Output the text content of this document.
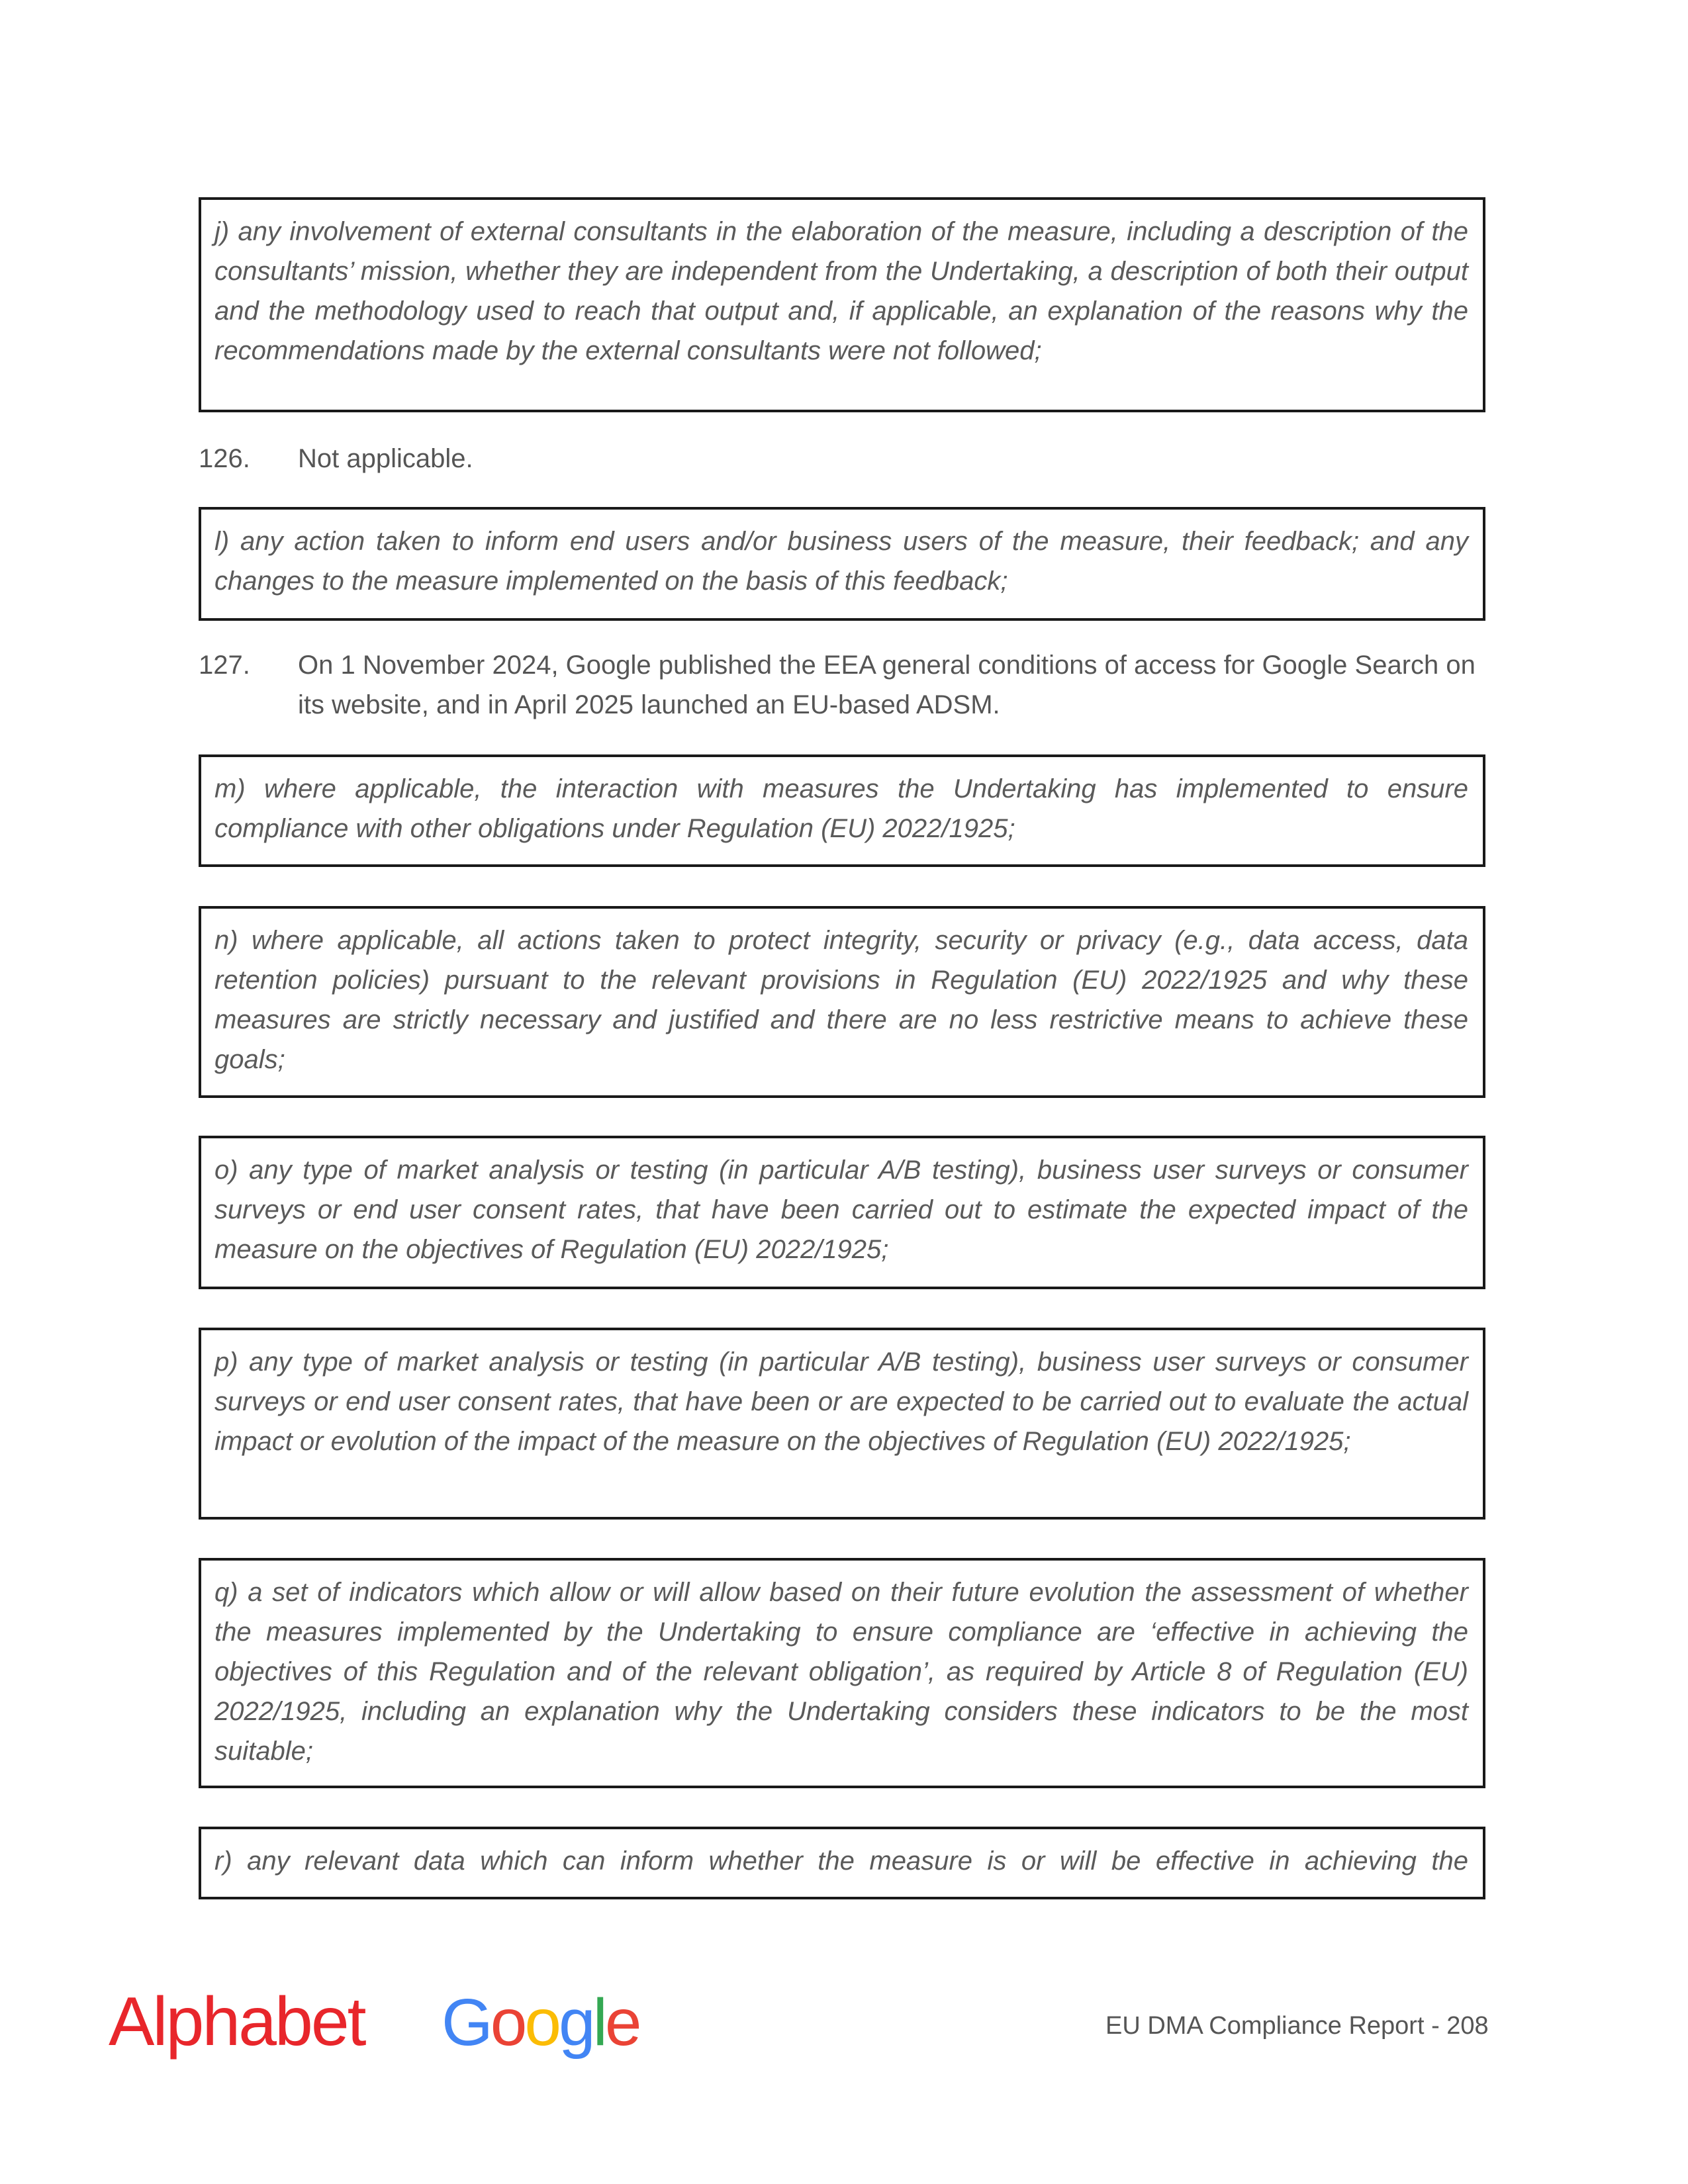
j) any involvement of external consultants in the elaboration of the measure, including a description of the consultants’ mission, whether they are independent from the Undertaking, a description of both their output and the methodology used to reach that output and, if applicable, an explanation of the reasons why the recommendations made by the external consultants were not followed;

126. Not applicable.

l) any action taken to inform end users and/or business users of the measure, their feedback; and any changes to the measure implemented on the basis of this feedback;

127. On 1 November 2024, Google published the EEA general conditions of access for Google Search on its website, and in April 2025 launched an EU-based ADSM.

m) where applicable, the interaction with measures the Undertaking has implemented to ensure compliance with other obligations under Regulation (EU) 2022/1925;

n) where applicable, all actions taken to protect integrity, security or privacy (e.g., data access, data retention policies) pursuant to the relevant provisions in Regulation (EU) 2022/1925 and why these measures are strictly necessary and justified and there are no less restrictive means to achieve these goals;

o) any type of market analysis or testing (in particular A/B testing), business user surveys or consumer surveys or end user consent rates, that have been carried out to estimate the expected impact of the measure on the objectives of Regulation (EU) 2022/1925;

p) any type of market analysis or testing (in particular A/B testing), business user surveys or consumer surveys or end user consent rates, that have been or are expected to be carried out to evaluate the actual impact or evolution of the impact of the measure on the objectives of Regulation (EU) 2022/1925;

q) a set of indicators which allow or will allow based on their future evolution the assessment of whether the measures implemented by the Undertaking to ensure compliance are ‘effective in achieving the objectives of this Regulation and of the relevant obligation’, as required by Article 8 of Regulation (EU) 2022/1925, including an explanation why the Undertaking considers these indicators to be the most suitable;

r) any relevant data which can inform whether the measure is or will be effective in achieving the

Alphabet Google	EU DMA Compliance Report - 208
